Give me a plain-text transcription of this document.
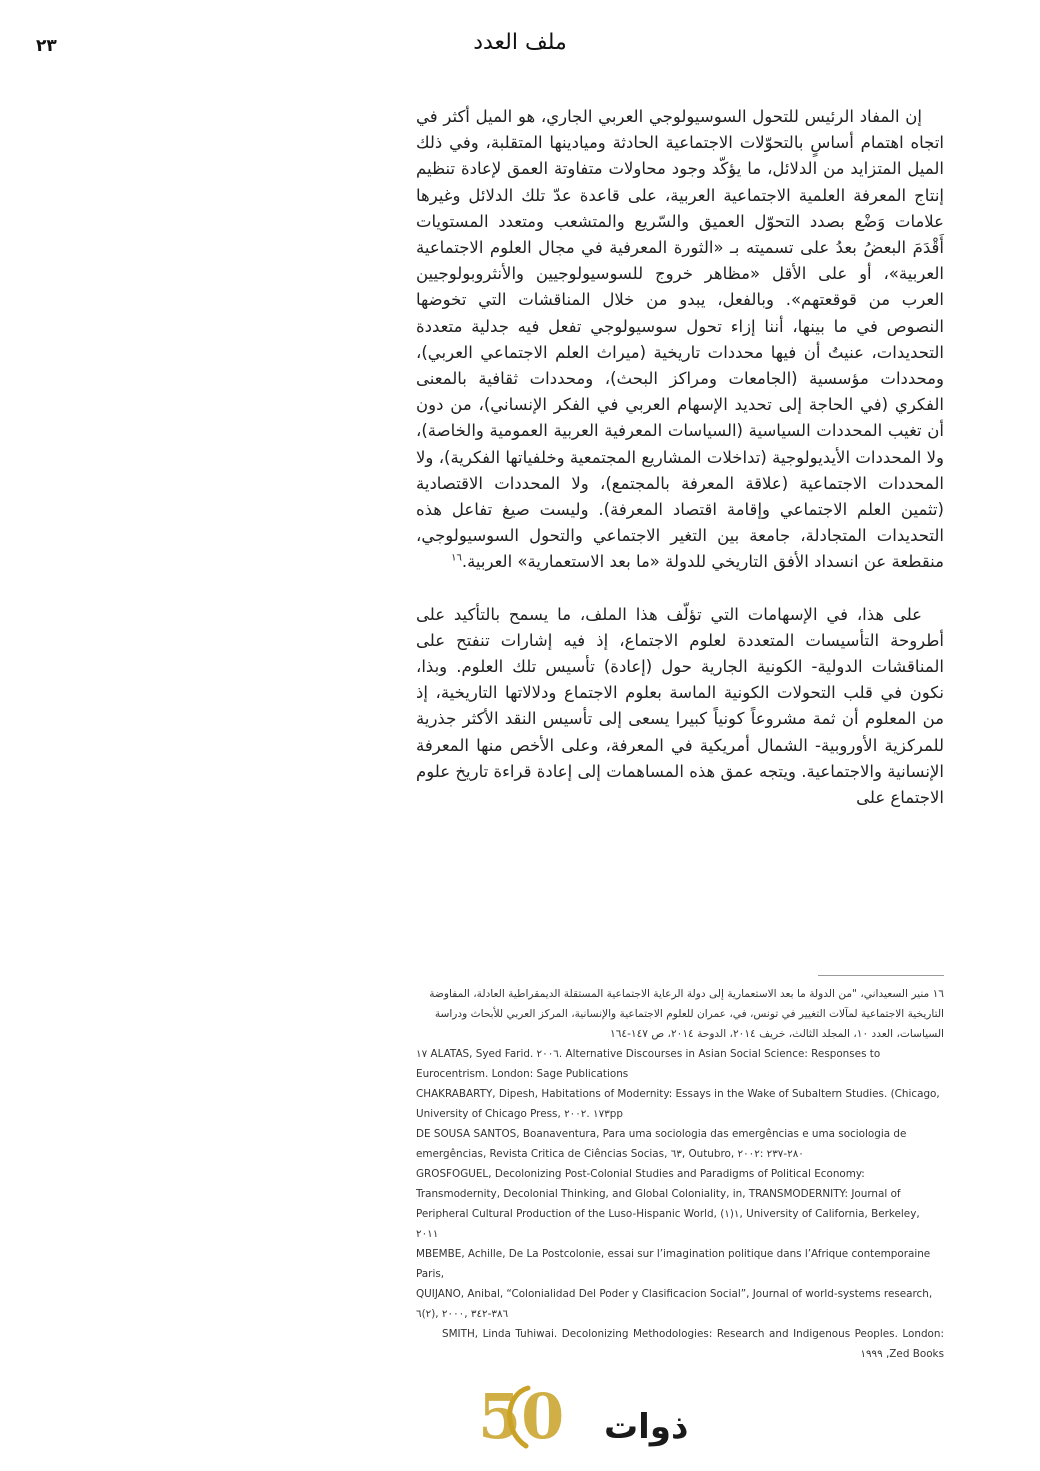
٢٣	ملف العدد

إن المفاد الرئيس للتحول السوسيولوجي العربي الجاري، هو الميل أكثر في اتجاه اهتمام أساسٍ بالتحوّلات الاجتماعية الحادثة وميادينها المتقلبة، وفي ذلك الميل المتزايد من الدلائل، ما يؤكّد وجود محاولات متفاوتة العمق لإعادة تنظيم إنتاج المعرفة العلمية الاجتماعية العربية، على قاعدة عدّ تلك الدلائل وغيرها علامات وَضْع بصدد التحوّل العميق والسّريع والمتشعب ومتعدد المستويات أَقْدَمَ البعضُ بعدُ على تسميته بـ «الثورة المعرفية في مجال العلوم الاجتماعية العربية»، أو على الأقل «مظاهر خروج للسوسيولوجيين والأنثروبولوجيين العرب من قوقعتهم». وبالفعل، يبدو من خلال المناقشات التي تخوضها النصوص في ما بينها، أننا إزاء تحول سوسيولوجي تفعل فيه جدلية متعددة التحديدات، عنيتُ أن فيها محددات تاريخية (ميراث العلم الاجتماعي العربي)، ومحددات مؤسسية (الجامعات ومراكز البحث)، ومحددات ثقافية بالمعنى الفكري (في الحاجة إلى تحديد الإسهام العربي في الفكر الإنساني)، من دون أن تغيب المحددات السياسية (السياسات المعرفية العربية العمومية والخاصة)، ولا المحددات الأيديولوجية (تداخلات المشاريع المجتمعية وخلفياتها الفكرية)، ولا المحددات الاجتماعية (علاقة المعرفة بالمجتمع)، ولا المحددات الاقتصادية (تثمين العلم الاجتماعي وإقامة اقتصاد المعرفة). وليست صيغ تفاعل هذه التحديدات المتجادلة، جامعة بين التغير الاجتماعي والتحول السوسيولوجي، منقطعة عن انسداد الأفق التاريخي للدولة «ما بعد الاستعمارية» العربية.$^{١٦}$

على هذا، في الإسهامات التي تؤلّف هذا الملف، ما يسمح بالتأكيد على أطروحة التأسيسات المتعددة لعلوم الاجتماع، إذ فيه إشارات تنفتح على المناقشات الدولية- الكونية الجارية حول (إعادة) تأسيس تلك العلوم. وبذا، نكون في قلب التحولات الكونية الماسة بعلوم الاجتماع ودلالاتها التاريخية، إذ من المعلوم أن ثمة مشروعاً كونياً كبيرا يسعى إلى تأسيس النقد الأكثر جذرية للمركزية الأوروبية- الشمال أمريكية في المعرفة، وعلى الأخص منها المعرفة الإنسانية والاجتماعية. ويتجه عمق هذه المساهمات إلى إعادة قراءة تاريخ علوم الاجتماع على

١٦ منير السعيداني، "من الدولة ما بعد الاستعمارية إلى دولة الرعاية الاجتماعية المستقلة الديمقراطية العادلة، المفاوضة التاريخية الاجتماعية لمآلات التغيير في تونس، في، عمران للعلوم الاجتماعية والإنسانية، المركز العربي للأبحاث ودراسة السياسات، العدد ١٠، المجلد الثالث، خريف ٢٠١٤، الدوحة ٢٠١٤، ص ١٤٧-١٦٤

١٧ ALATAS, Syed Farid. ٢٠٠٦. Alternative Discourses in Asian Social Science: Responses to Eurocentrism. London: Sage Publications

CHAKRABARTY, Dipesh, Habitations of Modernity: Essays in the Wake of Subaltern Studies. (Chicago, University of Chicago Press, ١٧٣ .٢٠٠٢pp

DE SOUSA SANTOS, Boanaventura, Para uma sociologia das emergências e uma sociologia de emergências, Revista Critica de Ciências Socias, ٦٣, Outubro, ٢٨٠-٢٣٧ :٢٠٠٢

GROSFOGUEL, Decolonizing Post-Colonial Studies and Paradigms of Political Economy: Transmodernity, Decolonial Thinking, and Global Coloniality, in, TRANSMODERNITY: Journal of Peripheral Cultural Production of the Luso-Hispanic World, ١(١), University of California, Berkeley, ٢٠١١

MBEMBE, Achille, De La Postcolonie, essai sur l’imagination politique dans l’Afrique contemporaine Paris,

QUIJANO, Anibal, “Colonialidad Del Poder y Clasificacion Social”, Journal of world-systems research, ٣٨٦-٣٤٢ ,٢٠٠٠ ,(٢)٦

SMITH, Linda Tuhiwai. Decolonizing Methodologies: Research and Indigenous Peoples. London: ١٩٩٩ ,Zed Books

50 ذوات
